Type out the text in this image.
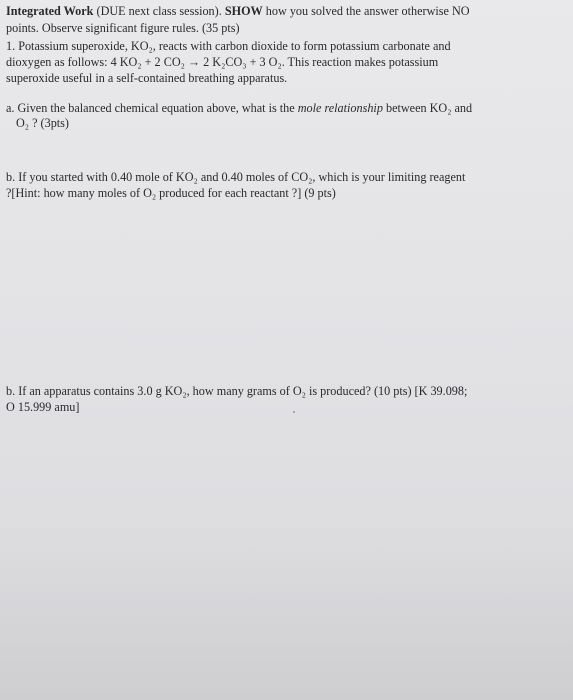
Integrated Work (DUE next class session). SHOW how you solved the answer otherwise NO
points. Observe significant figure rules. (35 pts)
1. Potassium superoxide, KO₂, reacts with carbon dioxide to form potassium carbonate and
dioxygen as follows: 4 KO₂ + 2 CO₂ → 2 K₂CO₃ + 3 O₂. This reaction makes potassium
superoxide useful in a self-contained breathing apparatus.
a. Given the balanced chemical equation above, what is the mole relationship between KO₂ and
O₂ ? (3pts)
b. If you started with 0.40 mole of KO₂ and 0.40 moles of CO₂, which is your limiting reagent
?[Hint: how many moles of O₂ produced for each reactant ?] (9 pts)
b. If an apparatus contains 3.0 g KO₂, how many grams of O₂ is produced? (10 pts) [K 39.098;
O 15.999 amu]
